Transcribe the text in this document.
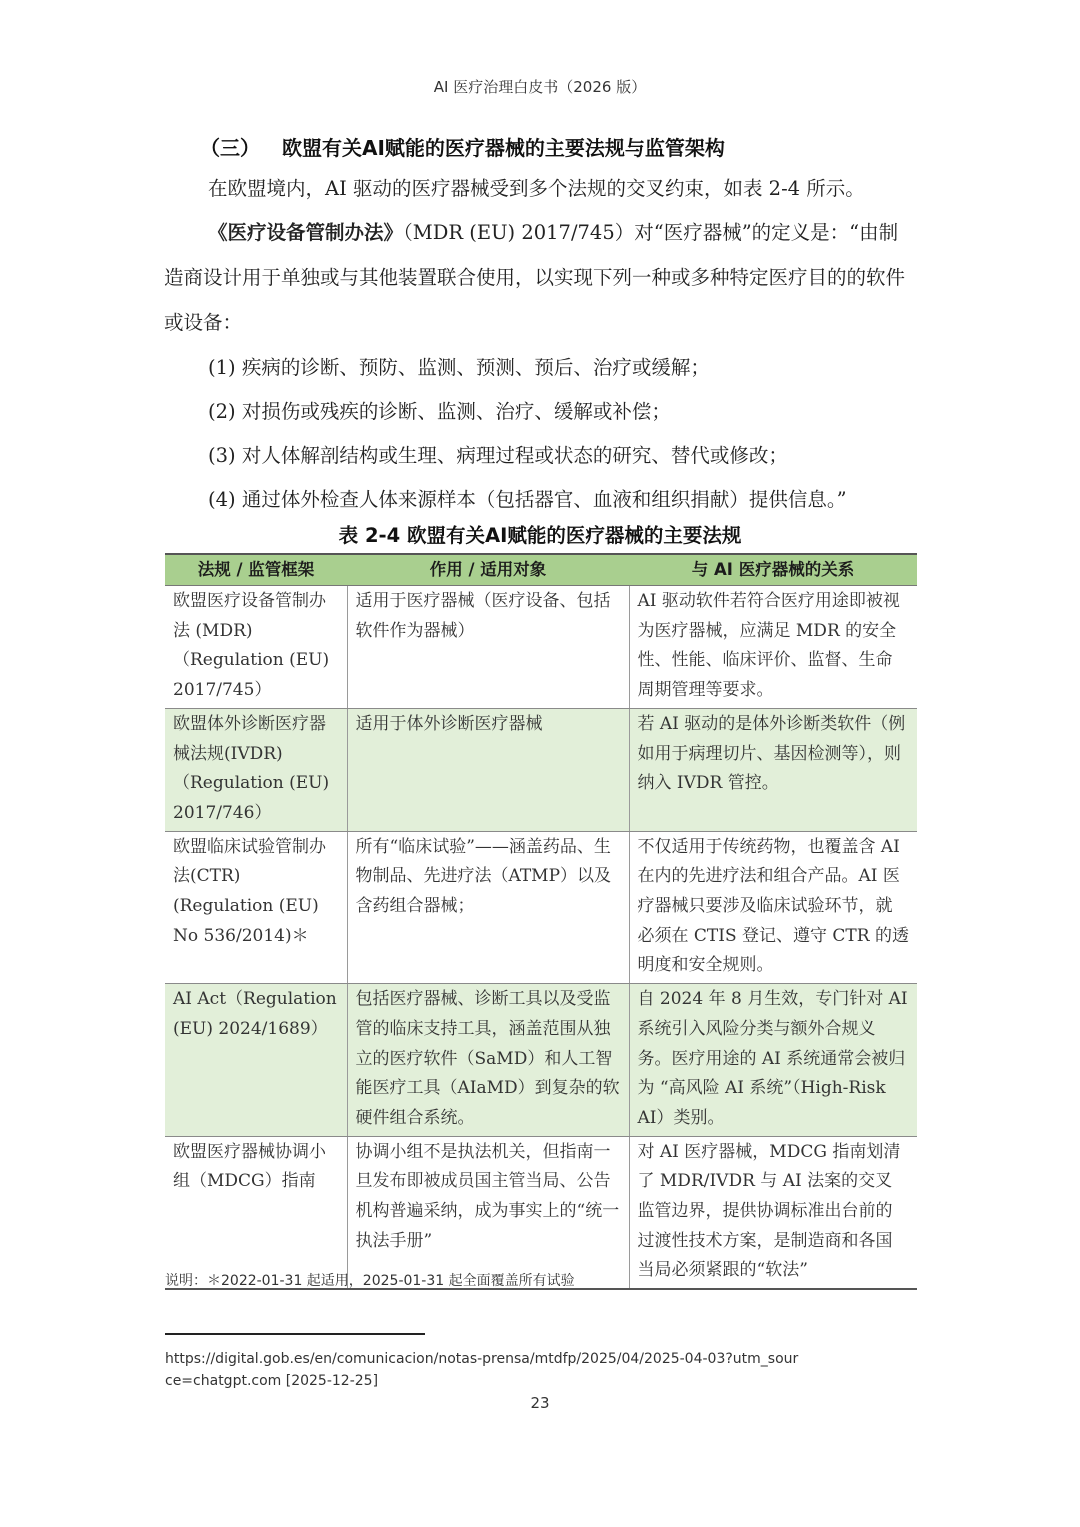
AI 医疗治理白皮书（2026 版）
（三） 欧盟有关AI赋能的医疗器械的主要法规与监管架构
在欧盟境内，AI 驱动的医疗器械受到多个法规的交叉约束，如表 2-4 所示。
《医疗设备管制办法》（MDR (EU) 2017/745）对“医疗器械”的定义是：“由制造商设计用于单独或与其他装置联合使用，以实现下列一种或多种特定医疗目的的软件或设备：
(1) 疾病的诊断、预防、监测、预测、预后、治疗或缓解；
(2) 对损伤或残疾的诊断、监测、治疗、缓解或补偿；
(3) 对人体解剖结构或生理、病理过程或状态的研究、替代或修改；
(4) 通过体外检查人体来源样本（包括器官、血液和组织捐献）提供信息。”
表 2-4 欧盟有关AI赋能的医疗器械的主要法规
法规 / 监管框架	作用 / 适用对象	与 AI 医疗器械的关系
欧盟医疗设备管制办法 (MDR)（Regulation (EU) 2017/745）	适用于医疗器械（医疗设备、包括软件作为器械）	AI 驱动软件若符合医疗用途即被视为医疗器械，应满足 MDR 的安全性、性能、临床评价、监督、生命周期管理等要求。
欧盟体外诊断医疗器械法规(IVDR)（Regulation (EU) 2017/746）	适用于体外诊断医疗器械	若 AI 驱动的是体外诊断类软件（例如用于病理切片、基因检测等），则纳入 IVDR 管控。
欧盟临床试验管制办法(CTR) (Regulation (EU) No 536/2014)＊	所有“临床试验”——涵盖药品、生物制品、先进疗法（ATMP）以及含药组合器械；	不仅适用于传统药物，也覆盖含 AI 在内的先进疗法和组合产品。AI 医疗器械只要涉及临床试验环节，就必须在 CTIS 登记、遵守 CTR 的透明度和安全规则。
AI Act（Regulation (EU) 2024/1689）	包括医疗器械、诊断工具以及受监管的临床支持工具，涵盖范围从独立的医疗软件（SaMD）和人工智能医疗工具（AIaMD）到复杂的软硬件组合系统。	自 2024 年 8 月生效，专门针对 AI 系统引入风险分类与额外合规义务。医疗用途的 AI 系统通常会被归为 “高风险 AI 系统”（High-Risk AI）类别。
欧盟医疗器械协调小组（MDCG）指南	协调小组不是执法机关，但指南一旦发布即被成员国主管当局、公告机构普遍采纳，成为事实上的“统一执法手册”	对 AI 医疗器械，MDCG 指南划清了 MDR/IVDR 与 AI 法案的交叉监管边界，提供协调标准出台前的过渡性技术方案，是制造商和各国当局必须紧跟的“软法”
说明：＊2022-01-31 起适用，2025-01-31 起全面覆盖所有试验
https://digital.gob.es/en/comunicacion/notas-prensa/mtdfp/2025/04/2025-04-03?utm_source=chatgpt.com [2025-12-25]
23
